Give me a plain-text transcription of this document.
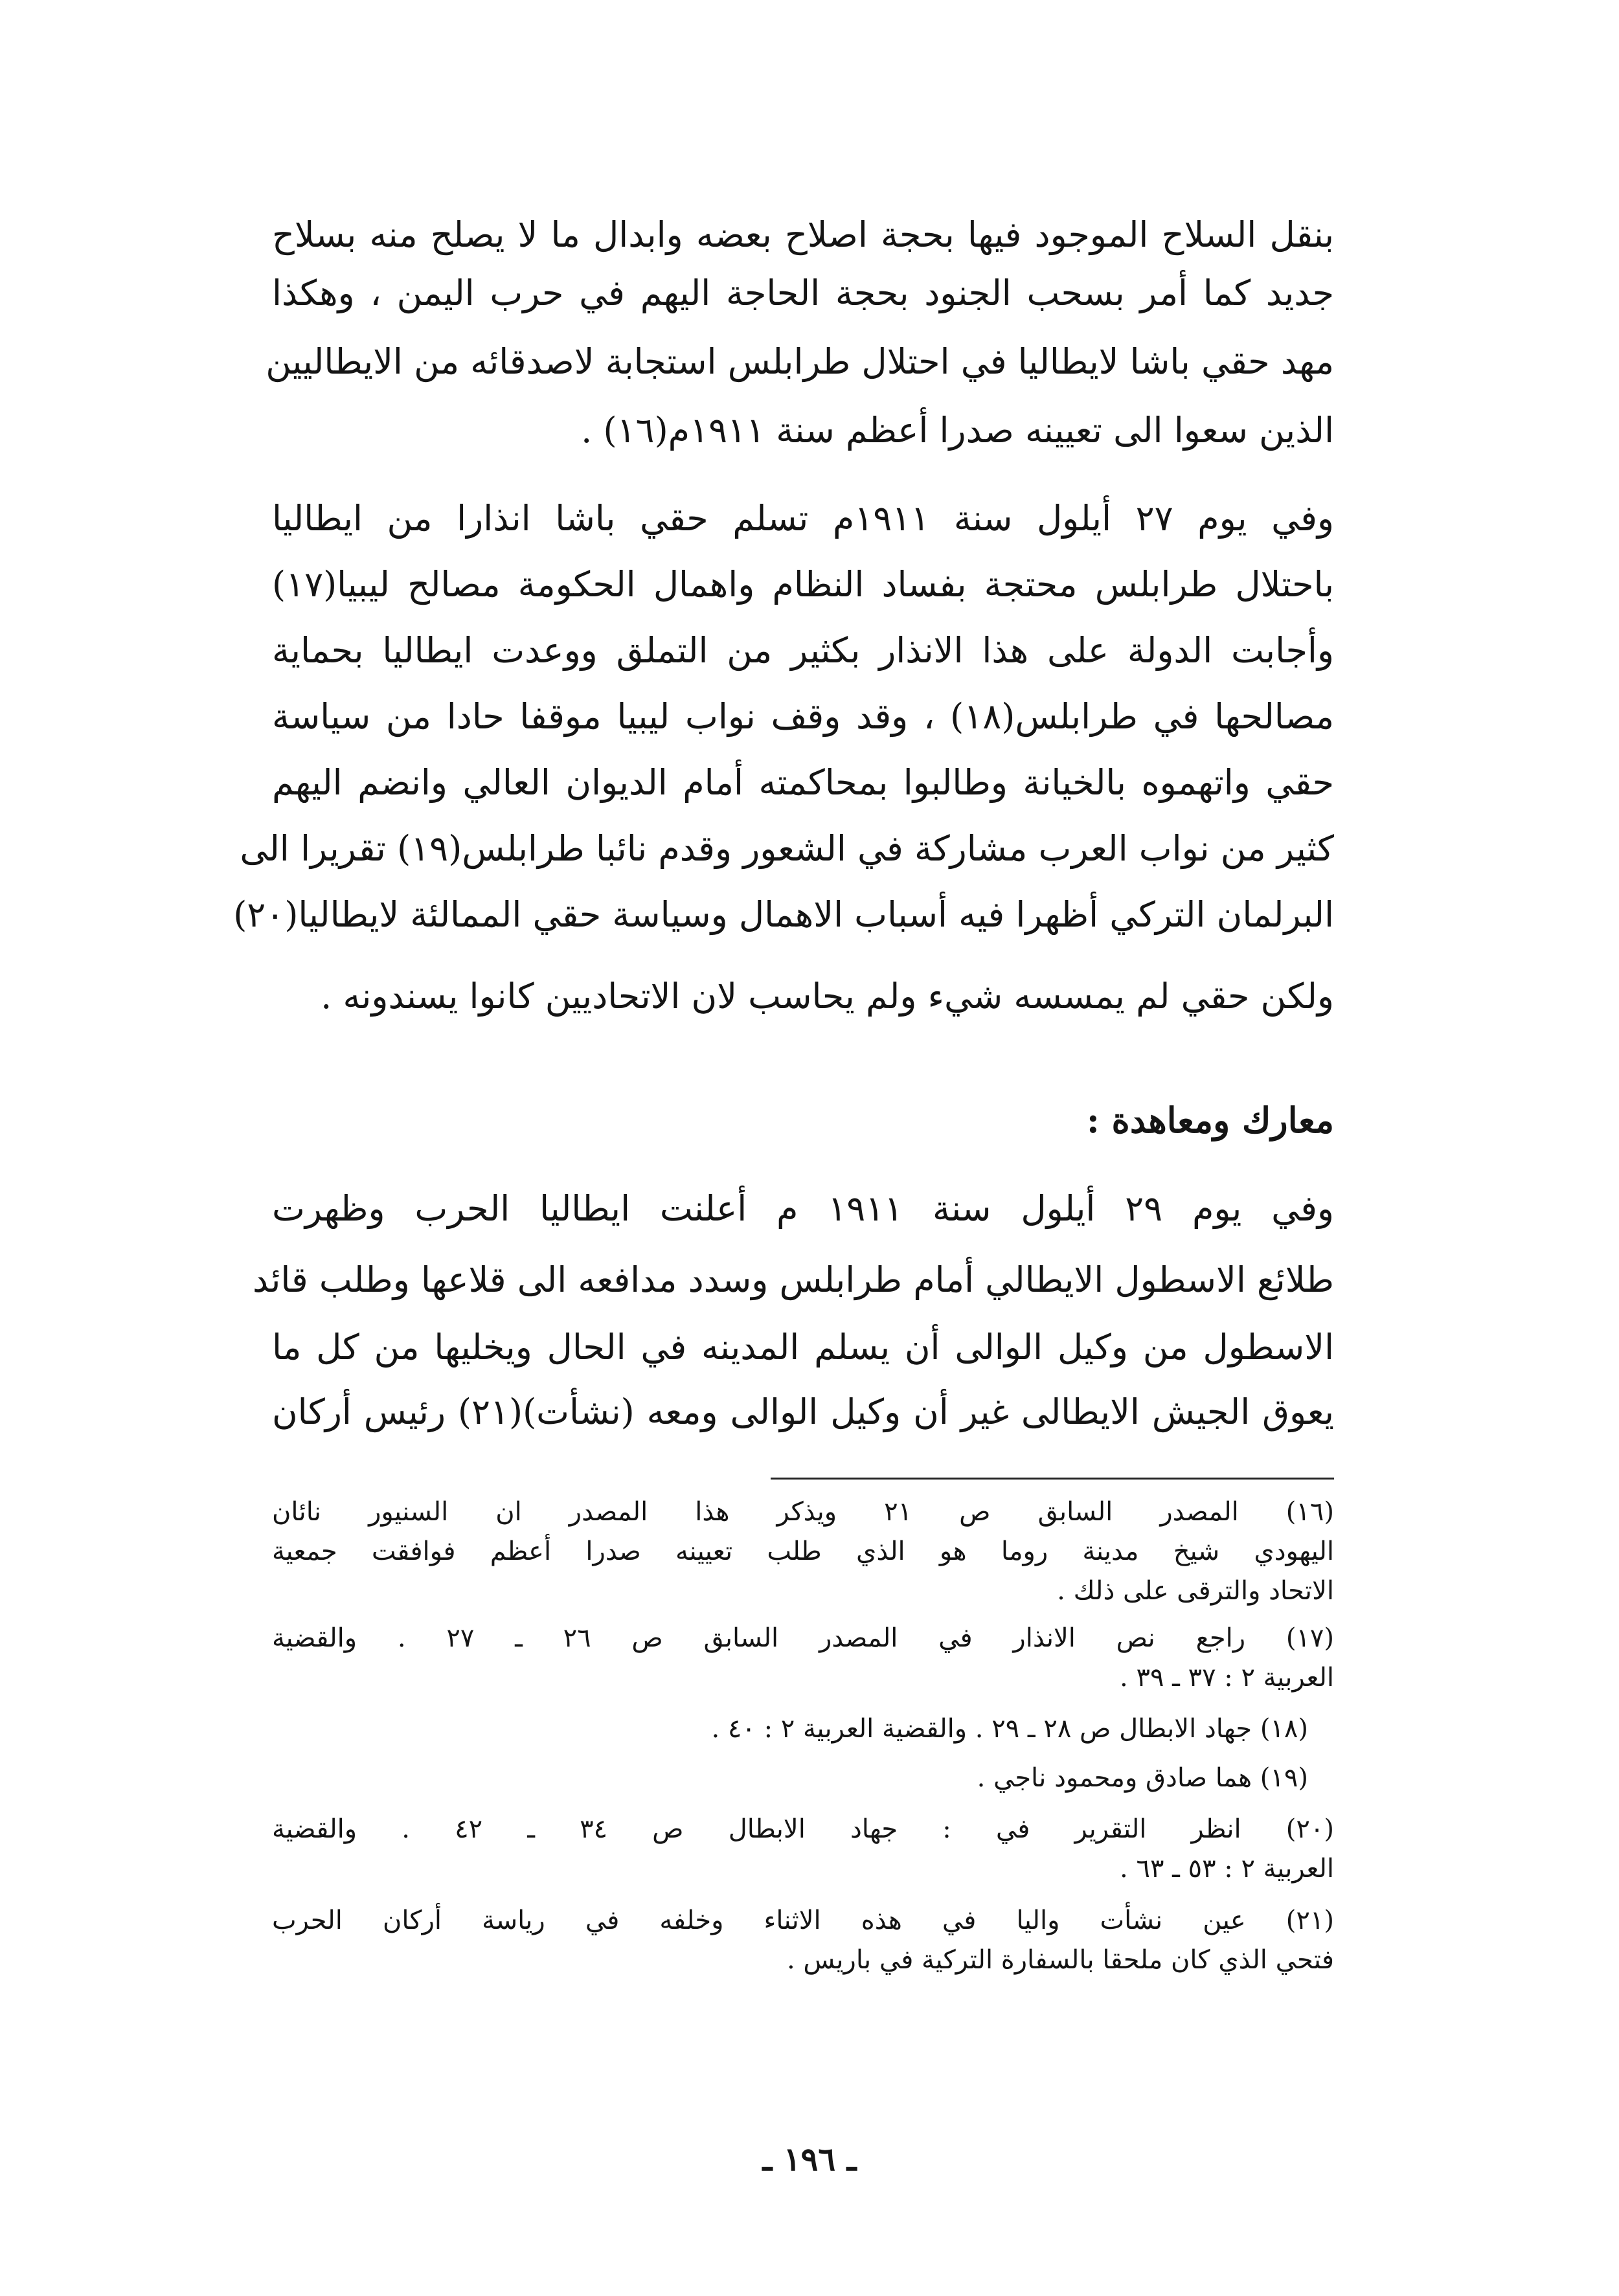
بنقل السلاح الموجود فيها بحجة اصلاح بعضه وابدال ما لا يصلح منه بسلاح
جديد كما أمر بسحب الجنود بحجة الحاجة اليهم في حرب اليمن ، وهكذا
مهد حقي باشا لايطاليا في احتلال طرابلس استجابة لاصدقائه من الايطاليين
الذين سعوا الى تعيينه صدرا أعظم سنة ١٩١١م(١٦) .
وفي يوم ٢٧ أيلول سنة ١٩١١م تسلم حقي باشا انذارا من ايطاليا
باحتلال طرابلس محتجة بفساد النظام واهمال الحكومة مصالح ليبيا(١٧)
وأجابت الدولة على هذا الانذار بكثير من التملق ووعدت ايطاليا بحماية
مصالحها في طرابلس(١٨) ، وقد وقف نواب ليبيا موقفا حادا من سياسة
حقي واتهموه بالخيانة وطالبوا بمحاكمته أمام الديوان العالي وانضم اليهم
كثير من نواب العرب مشاركة في الشعور وقدم نائبا طرابلس(١٩) تقريرا الى
البرلمان التركي أظهرا فيه أسباب الاهمال وسياسة حقي الممالئة لايطاليا(٢٠)
ولكن حقي لم يمسسه شيء ولم يحاسب لان الاتحاديين كانوا يسندونه .
معارك ومعاهدة :
وفي يوم ٢٩ أيلول سنة ١٩١١ م أعلنت ايطاليا الحرب وظهرت
طلائع الاسطول الايطالي أمام طرابلس وسدد مدافعه الى قلاعها وطلب قائد
الاسطول من وكيل الوالى أن يسلم المدينه في الحال ويخليها من كل ما
يعوق الجيش الايطالى غير أن وكيل الوالى ومعه (نشأت)(٢١) رئيس أركان
(١٦) المصدر السابق ص ٢١ ويذكر هذا المصدر ان السنيور نائان
اليهودي شيخ مدينة روما هو الذي طلب تعيينه صدرا أعظم فوافقت جمعية
الاتحاد والترقى على ذلك .
(١٧) راجع نص الانذار في المصدر السابق ص ٢٦ ـ ٢٧ . والقضية
العربية ٢ : ٣٧ ـ ٣٩ .
(١٨) جهاد الابطال ص ٢٨ ـ ٢٩ . والقضية العربية ٢ : ٤٠ .
(١٩) هما صادق ومحمود ناجي .
(٢٠) انظر التقرير في : جهاد الابطال ص ٣٤ ـ ٤٢ . والقضية
العربية ٢ : ٥٣ ـ ٦٣ .
(٢١) عين نشأت واليا في هذه الاثناء وخلفه في رياسة أركان الحرب
فتحي الذي كان ملحقا بالسفارة التركية في باريس .
ـ ١٩٦ ـ
